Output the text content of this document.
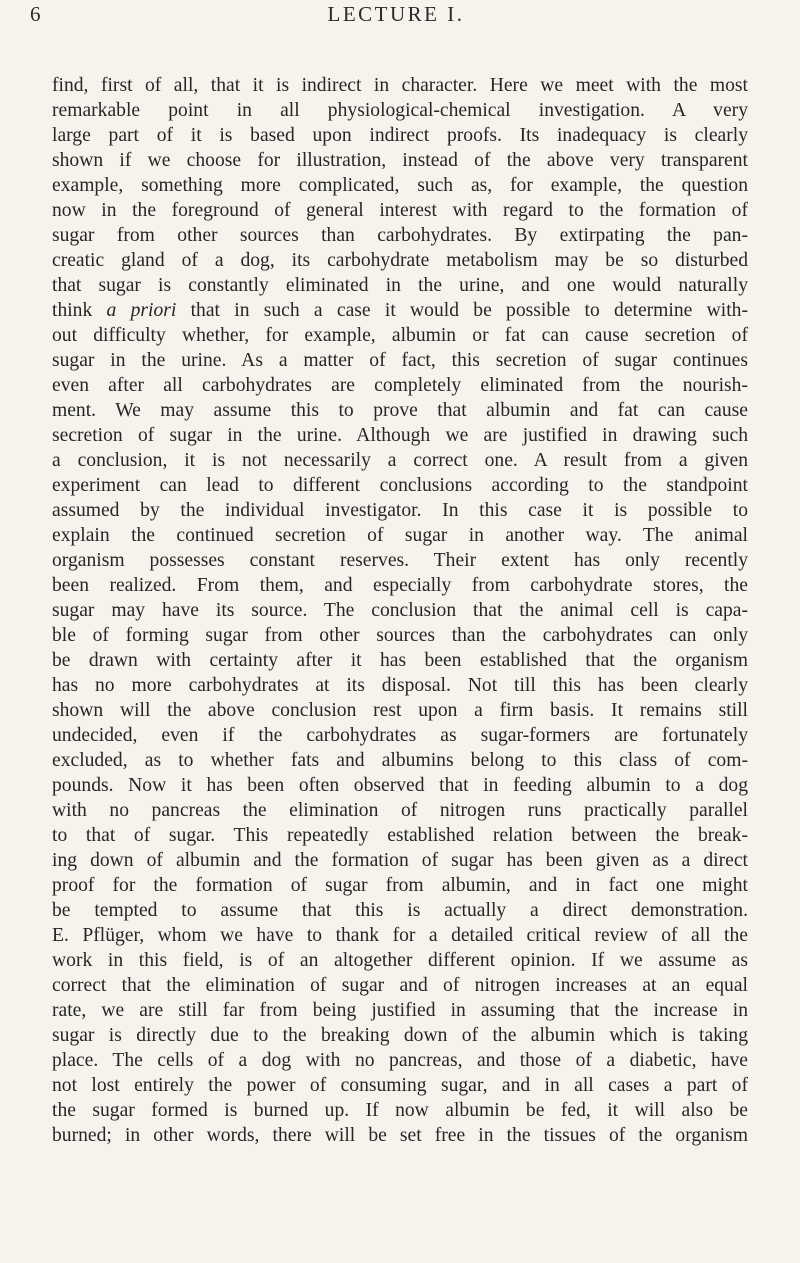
6	LECTURE I.
find, first of all, that it is indirect in character. Here we meet with the most
remarkable point in all physiological-chemical investigation. A very
large part of it is based upon indirect proofs. Its inadequacy is clearly
shown if we choose for illustration, instead of the above very transparent
example, something more complicated, such as, for example, the question
now in the foreground of general interest with regard to the formation of
sugar from other sources than carbohydrates. By extirpating the pan-
creatic gland of a dog, its carbohydrate metabolism may be so disturbed
that sugar is constantly eliminated in the urine, and one would naturally
think a priori that in such a case it would be possible to determine with-
out difficulty whether, for example, albumin or fat can cause secretion of
sugar in the urine. As a matter of fact, this secretion of sugar continues
even after all carbohydrates are completely eliminated from the nourish-
ment. We may assume this to prove that albumin and fat can cause
secretion of sugar in the urine. Although we are justified in drawing such
a conclusion, it is not necessarily a correct one. A result from a given
experiment can lead to different conclusions according to the standpoint
assumed by the individual investigator. In this case it is possible to
explain the continued secretion of sugar in another way. The animal
organism possesses constant reserves. Their extent has only recently
been realized. From them, and especially from carbohydrate stores, the
sugar may have its source. The conclusion that the animal cell is capa-
ble of forming sugar from other sources than the carbohydrates can only
be drawn with certainty after it has been established that the organism
has no more carbohydrates at its disposal. Not till this has been clearly
shown will the above conclusion rest upon a firm basis. It remains still
undecided, even if the carbohydrates as sugar-formers are fortunately
excluded, as to whether fats and albumins belong to this class of com-
pounds. Now it has been often observed that in feeding albumin to a dog
with no pancreas the elimination of nitrogen runs practically parallel
to that of sugar. This repeatedly established relation between the break-
ing down of albumin and the formation of sugar has been given as a direct
proof for the formation of sugar from albumin, and in fact one might
be tempted to assume that this is actually a direct demonstration.
E. Pflüger, whom we have to thank for a detailed critical review of all the
work in this field, is of an altogether different opinion. If we assume as
correct that the elimination of sugar and of nitrogen increases at an equal
rate, we are still far from being justified in assuming that the increase in
sugar is directly due to the breaking down of the albumin which is taking
place. The cells of a dog with no pancreas, and those of a diabetic, have
not lost entirely the power of consuming sugar, and in all cases a part of
the sugar formed is burned up. If now albumin be fed, it will also be
burned; in other words, there will be set free in the tissues of the organism
